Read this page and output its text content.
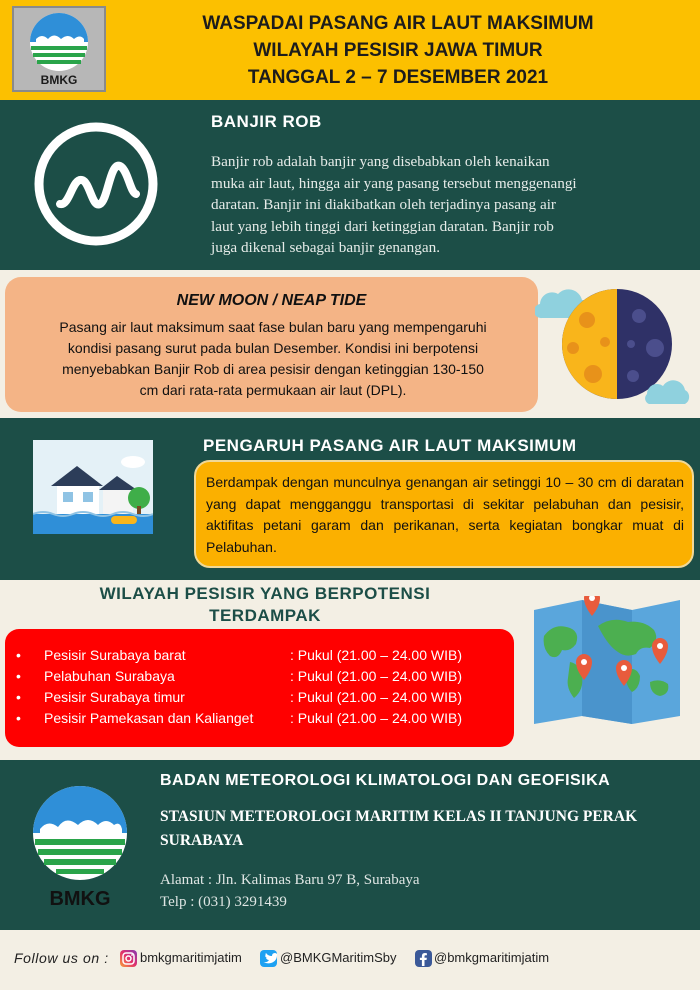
BMKG
WASPADAI PASANG AIR LAUT MAKSIMUM
WILAYAH PESISIR JAWA TIMUR
TANGGAL 2 – 7 DESEMBER 2021
BANJIR ROB
Banjir rob adalah banjir yang disebabkan oleh kenaikan
muka air laut, hingga air yang pasang tersebut menggenangi
daratan. Banjir ini diakibatkan oleh terjadinya pasang air
laut yang lebih tinggi dari ketinggian daratan. Banjir rob
juga dikenal sebagai banjir genangan.
NEW MOON / NEAP TIDE
Pasang air laut maksimum saat fase bulan baru yang mempengaruhi
kondisi pasang surut pada bulan Desember. Kondisi ini berpotensi
menyebabkan Banjir Rob di area pesisir dengan ketinggian 130-150
cm dari rata-rata permukaan air laut (DPL).
PENGARUH PASANG AIR LAUT MAKSIMUM
Berdampak dengan munculnya genangan air setinggi 10 – 30 cm di daratan yang dapat mengganggu transportasi di sekitar pelabuhan dan pesisir, aktifitas petani garam dan perikanan, serta kegiatan bongkar muat di Pelabuhan.
WILAYAH PESISIR YANG BERPOTENSI
TERDAMPAK
• Pesisir Surabaya barat	: Pukul (21.00 – 24.00 WIB)
• Pelabuhan Surabaya	: Pukul (21.00 – 24.00 WIB)
• Pesisir Surabaya timur	: Pukul (21.00 – 24.00 WIB)
• Pesisir Pamekasan dan Kalianget	: Pukul (21.00 – 24.00 WIB)
BMKG
BADAN METEOROLOGI KLIMATOLOGI DAN GEOFISIKA
STASIUN METEOROLOGI MARITIM KELAS II TANJUNG PERAK
SURABAYA
Alamat : Jln. Kalimas Baru 97 B, Surabaya
Telp : (031) 3291439
Follow us on : bmkgmaritimjatim	@BMKGMaritimSby	@bmkgmaritimjatim
